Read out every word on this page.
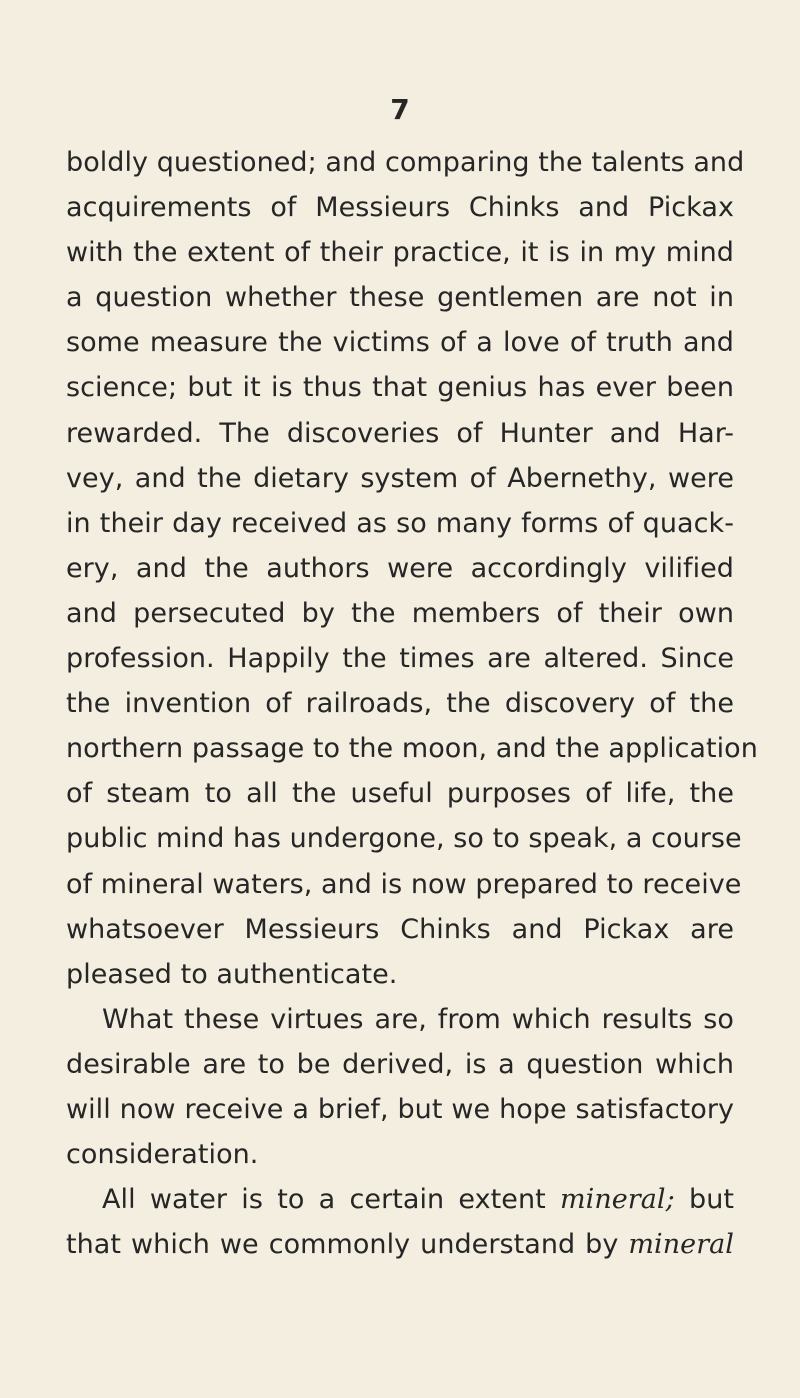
7
boldly questioned; and comparing the talents and
acquirements of Messieurs Chinks and Pickax
with the extent of their practice, it is in my mind
a question whether these gentlemen are not in
some measure the victims of a love of truth and
science; but it is thus that genius has ever been
rewarded. The discoveries of Hunter and Har-
vey, and the dietary system of Abernethy, were
in their day received as so many forms of quack-
ery, and the authors were accordingly vilified
and persecuted by the members of their own
profession. Happily the times are altered. Since
the invention of railroads, the discovery of the
northern passage to the moon, and the application
of steam to all the useful purposes of life, the
public mind has undergone, so to speak, a course
of mineral waters, and is now prepared to receive
whatsoever Messieurs Chinks and Pickax are
pleased to authenticate.
What these virtues are, from which results so
desirable are to be derived, is a question which
will now receive a brief, but we hope satisfactory
consideration.
All water is to a certain extent mineral; but
that which we commonly understand by mineral
